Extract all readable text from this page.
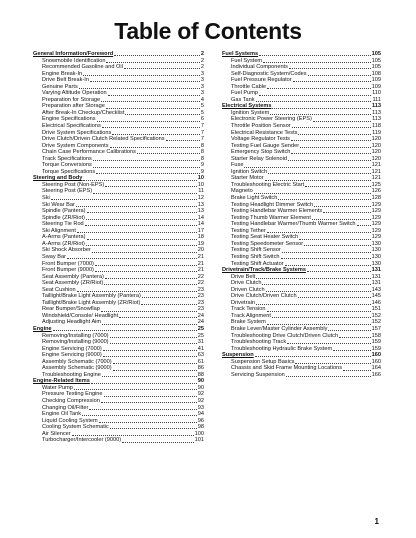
Table of Contents
General Information/Foreword	2
Snowmobile Identification	2
Recommended Gasoline and Oil	2
Engine Break-In	3
Drive Belt Break-In	3
Genuine Parts	3
Varying Altitude Operation	3
Preparation for Storage	4
Preparation after Storage	5
After Break-In Checkup/Checklist	5
Engine Specifications	6
Electrical Specifications	7
Drive System Specifications	7
Drive Clutch/Driven Clutch Related Specifications	7
Drive System Components	8
Chain Case Performance Calibrations	8
Track Specifications	8
Torque Conversions	9
Torque Specifications	9
Steering and Body	10
Steering Post (Non-EPS)	10
Steering Post (EPS)	11
Ski	12
Ski Wear Bar	13
Spindle (Pantera)	13
Spindle (ZR/Riot)	14
Steering Tie Rod	14
Ski Alignment	17
A-Arms (Pantera)	18
A-Arms (ZR/Riot)	19
Ski Shock Absorber	20
Sway Bar	21
Front Bumper (7000)	21
Front Bumper (9000)	21
Seat Assembly (Pantera)	22
Seat Assembly (ZR/Riot)	22
Seat Cushion	23
Taillight/Brake Light Assembly (Pantera)	23
Taillight/Brake Light Assembly (ZR/Riot)	23
Rear Bumper/Snowflap	23
Windshield/Console/ Headlight	24
Adjusting Headlight Aim	24
Engine	25
Removing/Installing (7000)	25
Removing/Installing (9000)	31
Engine Servicing (7000)	41
Engine Servicing (9000)	63
Assembly Schematic (7000)	61
Assembly Schematic (9000)	86
Troubleshooting Engine	88
Engine-Related Items	90
Water Pump	90
Pressure Testing Engine	92
Checking Compression	92
Changing Oil/Filter	93
Engine Oil Tank	94
Liquid Cooling System	96
Cooling System Schematic	98
Air Silencer	100
Turbocharger/Intercooler (9000)	101
Fuel Systems	105
Fuel System	105
Individual Components	105
Self-Diagnostic System/Codes	108
Fuel Pressure Regulator	109
Throttle Cable	109
Fuel Pump	110
Gas Tank	111
Electrical Systems	113
Ignition System	113
Electronic Power Steering (EPS)	113
Throttle Position Sensor	118
Electrical Resistance Tests	119
Voltage Regulator Tests	120
Testing Fuel Gauge Sender	120
Emergency Stop Switch	120
Starter Relay Solenoid	120
Fuse	121
Ignition Switch	121
Starter Motor	121
Troubleshooting Electric Start	125
Magneto	126
Brake Light Switch	128
Testing Headlight Dimmer Switch	129
Testing Handlebar Warmer Elements	129
Testing Thumb Warmer Element	129
Testing Handlebar Warmer/Thumb Warmer Switch	129
Testing Tether	129
Testing Seat Heater Switch	129
Testing Speedometer Sensor	130
Testing Shift Sensor	130
Testing Shift Switch	130
Testing Shift Actuator	130
Drivetrain/Track/Brake Systems	131
Drive Belt	131
Drive Clutch	131
Driven Clutch	143
Drive Clutch/Driven Clutch	145
Drivetrain	146
Track Tension	151
Track Alignment	152
Brake System	152
Brake Lever/Master Cylinder Assembly	157
Troubleshooting Drive Clutch/Driven Clutch	158
Troubleshooting Track	159
Troubleshooting Hydraulic Brake System	159
Suspension	160
Suspension Setup Basics	160
Chassis and Skid Frame Mounting Locations	164
Servicing Suspension	166
1
